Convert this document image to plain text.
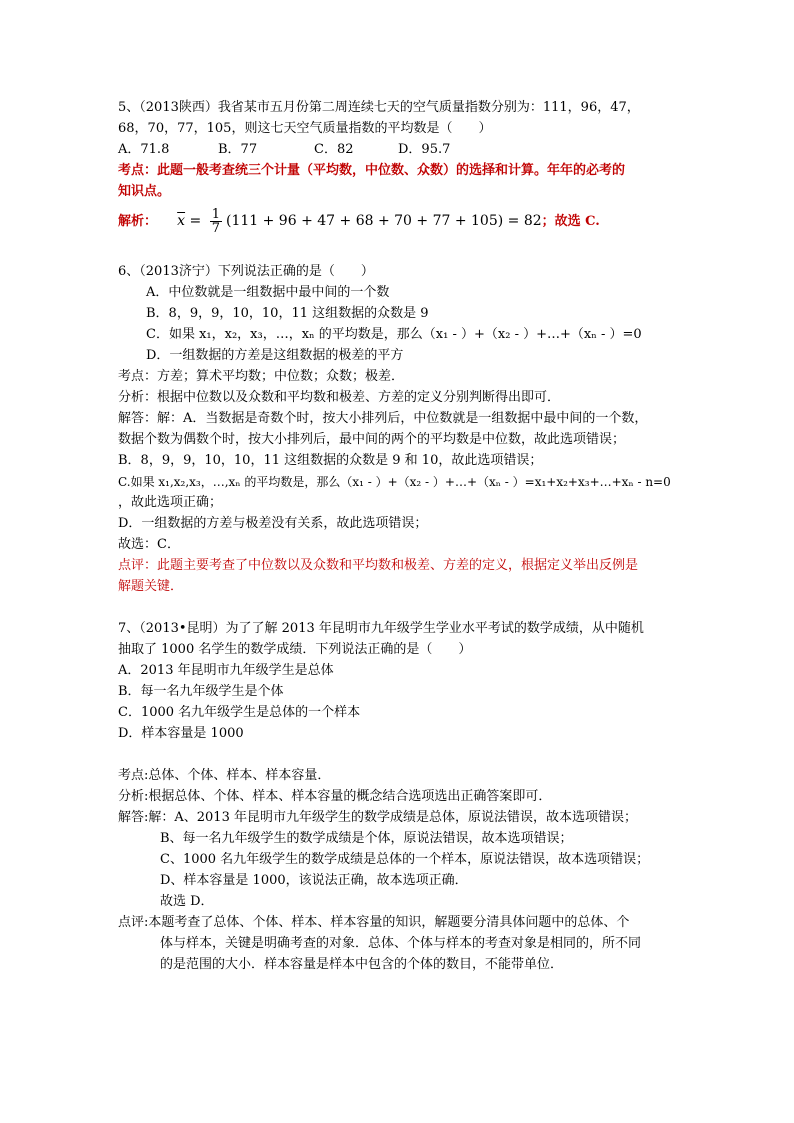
5、（2013陕西）我省某市五月份第二周连续七天的空气质量指数分别为：111，96，47，
68，70，77，105，则这七天空气质量指数的平均数是（　　）
A．71.8	B．77	C．82	D．95.7
考点：此题一般考查统三个计量（平均数，中位数、众数）的选择和计算。年年的必考的
知识点。
解析： $\overline{x} = \frac{1}{7} (111 + 96 + 47 + 68 + 70 + 77 + 105) = 82$；故选 C.
6、（2013济宁）下列说法正确的是（　　）
A．中位数就是一组数据中最中间的一个数
B．8，9，9，10，10，11 这组数据的众数是 9
C．如果 x₁，x₂，x₃，…，xₙ 的平均数是，那么（x₁ - ）+（x₂ - ）+…+（xₙ - ）=0
D．一组数据的方差是这组数据的极差的平方
考点：方差；算术平均数；中位数；众数；极差．
分析：根据中位数以及众数和平均数和极差、方差的定义分别判断得出即可．
解答：解：A．当数据是奇数个时，按大小排列后，中位数就是一组数据中最中间的一个数，
数据个数为偶数个时，按大小排列后，最中间的两个的平均数是中位数，故此选项错误；
B．8，9，9，10，10，11 这组数据的众数是 9 和 10，故此选项错误；
C.如果 x₁,x₂,x₃，…,xₙ 的平均数是，那么（x₁ - ）+（x₂ - ）+…+（xₙ - ）=x₁+x₂+x₃+…+xₙ - n=0
，故此选项正确；
D．一组数据的方差与极差没有关系，故此选项错误；
故选：C．
点评：此题主要考查了中位数以及众数和平均数和极差、方差的定义，根据定义举出反例是
解题关键．
7、（2013•昆明）为了了解 2013 年昆明市九年级学生学业水平考试的数学成绩，从中随机
抽取了 1000 名学生的数学成绩．下列说法正确的是（　　）
A．2013 年昆明市九年级学生是总体
B．每一名九年级学生是个体
C．1000 名九年级学生是总体的一个样本
D．样本容量是 1000
考点:总体、个体、样本、样本容量．
分析:根据总体、个体、样本、样本容量的概念结合选项选出正确答案即可．
解答:解：A、2013 年昆明市九年级学生的数学成绩是总体，原说法错误，故本选项错误；
B、每一名九年级学生的数学成绩是个体，原说法错误，故本选项错误；
C、1000 名九年级学生的数学成绩是总体的一个样本，原说法错误，故本选项错误；
D、样本容量是 1000，该说法正确，故本选项正确．
故选 D．
点评:本题考查了总体、个体、样本、样本容量的知识，解题要分清具体问题中的总体、个
体与样本，关键是明确考查的对象．总体、个体与样本的考查对象是相同的，所不同
的是范围的大小．样本容量是样本中包含的个体的数目，不能带单位．
